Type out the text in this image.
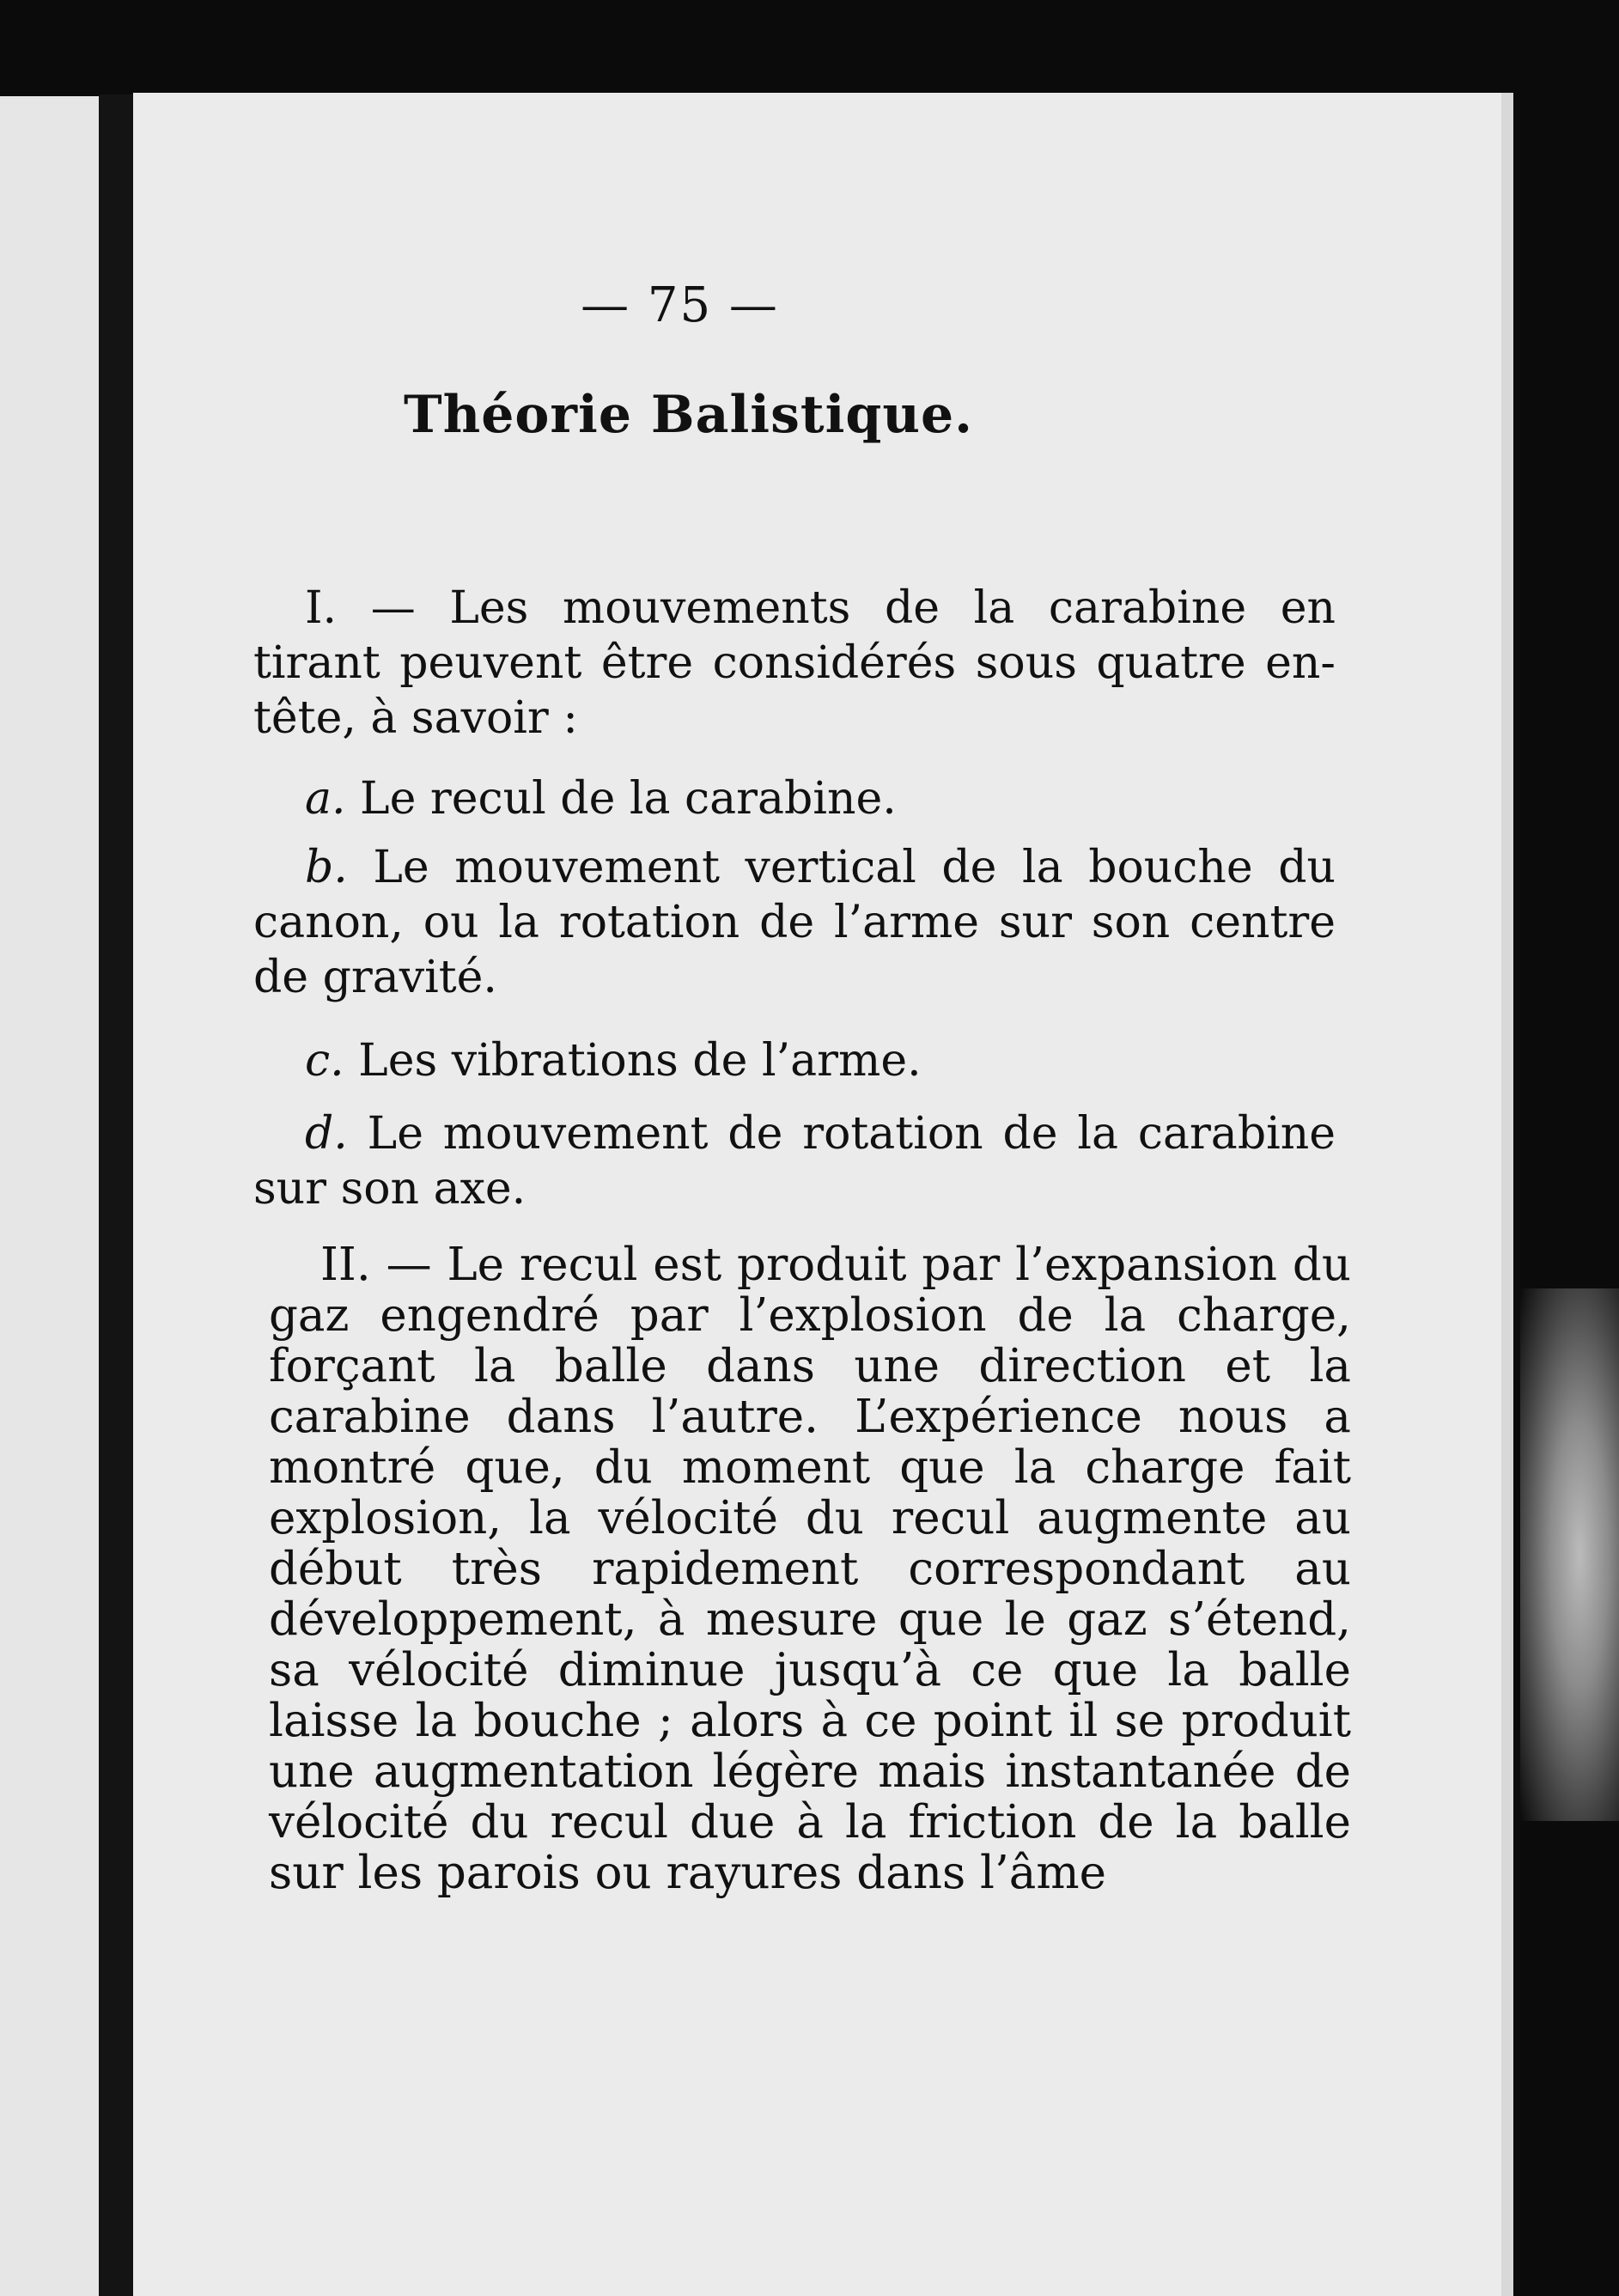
— 75 —
Théorie Balistique.
I. — Les mouvements de la carabine en tirant peuvent être considérés sous quatre en-tête, à savoir :
a. Le recul de la carabine.
b. Le mouvement vertical de la bouche du canon, ou la rotation de l’arme sur son centre de gravité.
c. Les vibrations de l’arme.
d. Le mouvement de rotation de la carabine sur son axe.
II. — Le recul est produit par l’expansion du gaz engendré par l’explosion de la charge, forçant la balle dans une direction et la carabine dans l’autre. L’expérience nous a montré que, du moment que la charge fait explosion, la vélocité du recul augmente au début très rapidement correspondant au développement, à mesure que le gaz s’étend, sa vélocité diminue jusqu’à ce que la balle laisse la bouche ; alors à ce point il se produit une augmentation légère mais instantanée de vélocité du recul due à la friction de la balle sur les parois ou rayures dans l’âme
